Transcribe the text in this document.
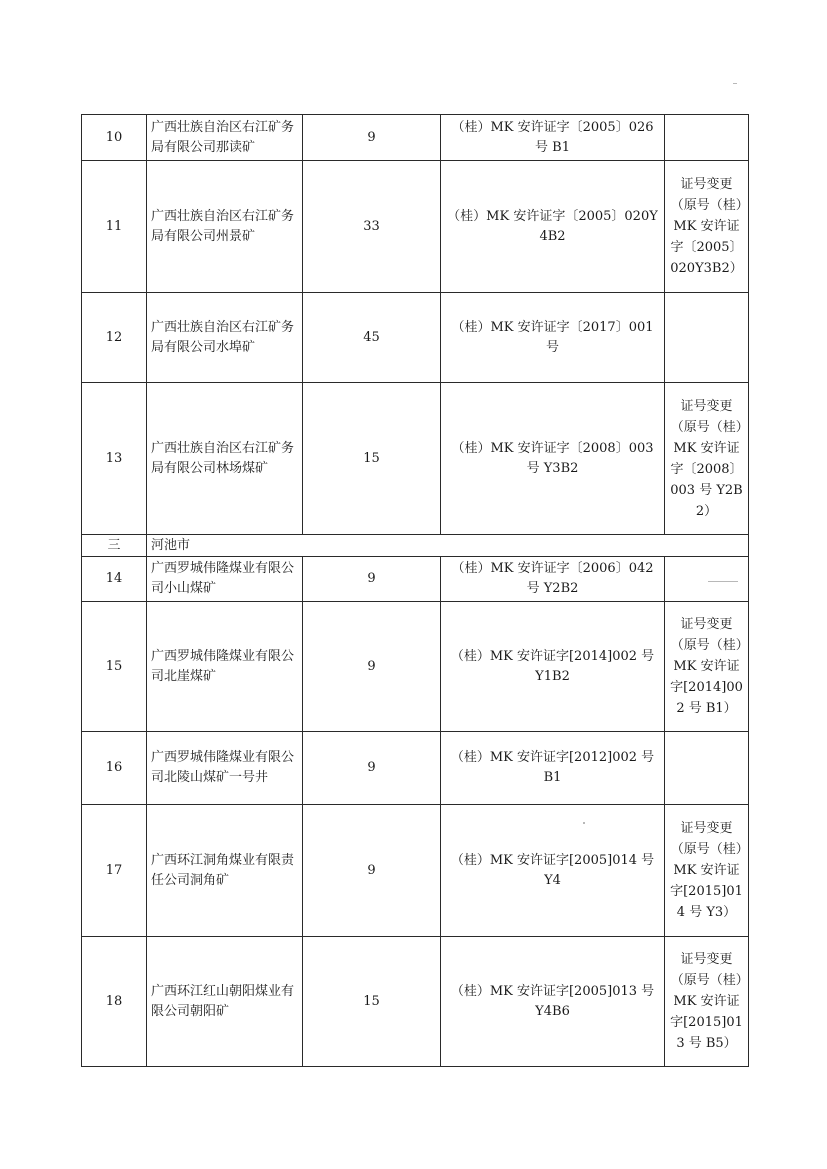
10	广西壮族自治区右江矿务局有限公司那读矿	9	（桂）MK 安许证字〔2005〕026 号 B1	
11	广西壮族自治区右江矿务局有限公司州景矿	33	（桂）MK 安许证字〔2005〕020Y4B2	证号变更（原号（桂）MK 安许证字〔2005〕020Y3B2）
12	广西壮族自治区右江矿务局有限公司水埠矿	45	（桂）MK 安许证字〔2017〕001 号	
13	广西壮族自治区右江矿务局有限公司林场煤矿	15	（桂）MK 安许证字〔2008〕003 号 Y3B2	证号变更（原号（桂）MK 安许证字〔2008〕003 号 Y2B2）
三	河池市			
14	广西罗城伟隆煤业有限公司小山煤矿	9	（桂）MK 安许证字〔2006〕042 号 Y2B2	
15	广西罗城伟隆煤业有限公司北崖煤矿	9	（桂）MK 安许证字[2014]002 号 Y1B2	证号变更（原号（桂）MK 安许证字[2014]002 号 B1）
16	广西罗城伟隆煤业有限公司北陵山煤矿一号井	9	（桂）MK 安许证字[2012]002 号 B1	
17	广西环江洞角煤业有限责任公司洞角矿	9	（桂）MK 安许证字[2005]014 号 Y4	证号变更（原号（桂）MK 安许证字[2015]014 号 Y3）
18	广西环江红山朝阳煤业有限公司朝阳矿	15	（桂）MK 安许证字[2005]013 号 Y4B6	证号变更（原号（桂）MK 安许证字[2015]013 号 B5）
